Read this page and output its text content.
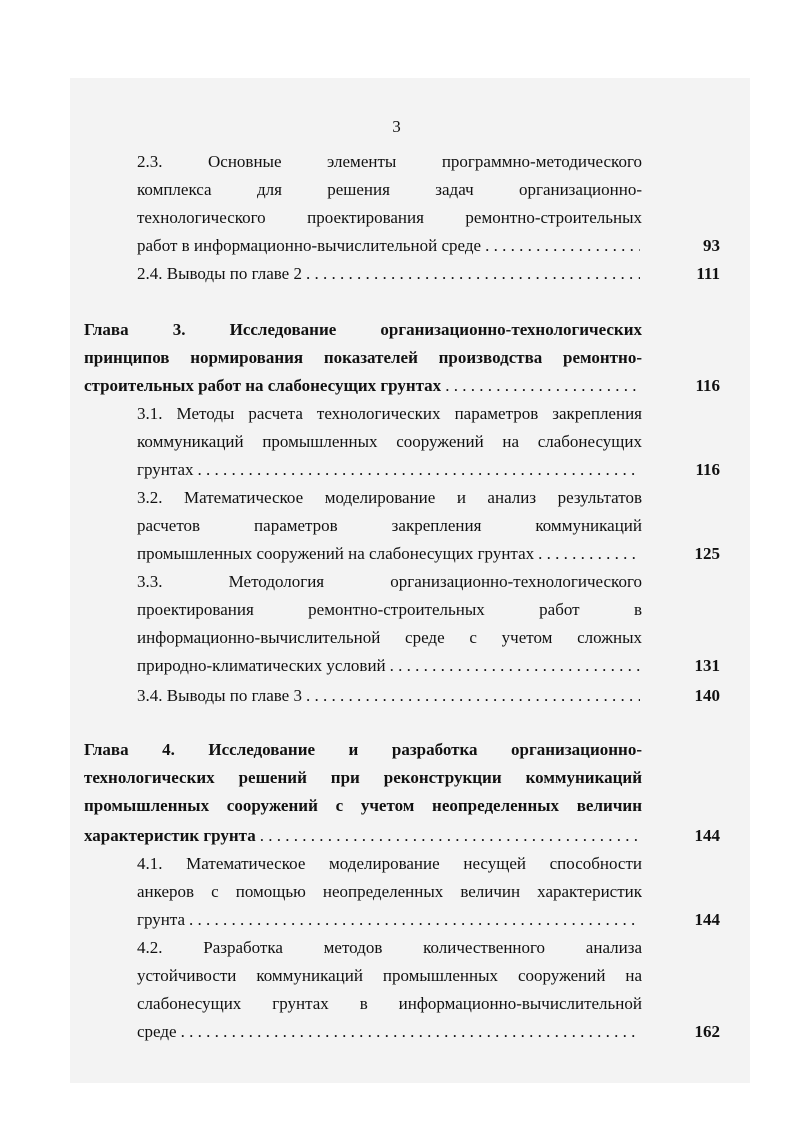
3
2.3. Основные элементы программно-методического
комплекса для решения задач организационно-
технологического проектирования ремонтно-строительных
работ в информационно-вычислительной среде . . .	93
2.4. Выводы по главе 2 . . .	111
Глава 3. Исследование организационно-технологических
принципов нормирования показателей производства ремонтно-
строительных работ на слабонесущих грунтах . . .	116
3.1. Методы расчета технологических параметров закрепления
коммуникаций промышленных сооружений на слабонесущих
грунтах . . .	116
3.2. Математическое моделирование и анализ результатов
расчетов параметров закрепления коммуникаций
промышленных сооружений на слабонесущих грунтах . . .	125
3.3. Методология организационно-технологического
проектирования ремонтно-строительных работ в
информационно-вычислительной среде с учетом сложных
природно-климатических условий . . .	131
3.4. Выводы по главе 3 . . .	140
Глава 4. Исследование и разработка организационно-
технологических решений при реконструкции коммуникаций
промышленных сооружений с учетом неопределенных величин
характеристик грунта . . .	144
4.1. Математическое моделирование несущей способности
анкеров с помощью неопределенных величин характеристик
грунта . . .	144
4.2. Разработка методов количественного анализа
устойчивости коммуникаций промышленных сооружений на
слабонесущих грунтах в информационно-вычислительной
среде . . .	162
